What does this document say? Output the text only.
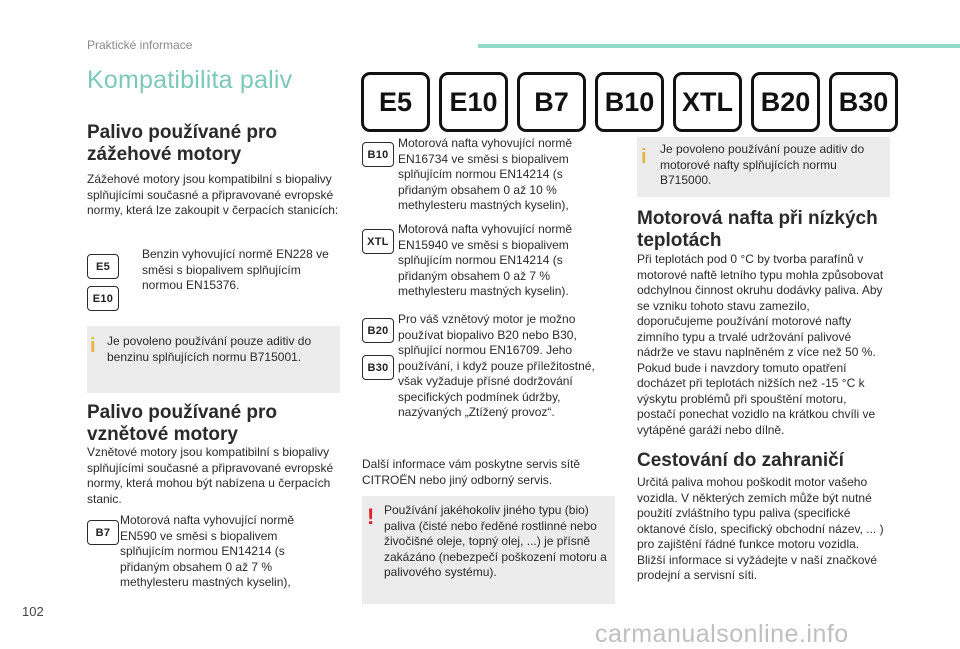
Praktické informace
Kompatibilita paliv
E5	E10	B7	B10	XTL	B20	B30

Palivo používané pro

zážehové motory

Zážehové motory jsou kompatibilní s biopalivy splňujícími současné a připravované evropské normy, která lze zakoupit v čerpacích stanicích:

E5
E10

Benzin vyhovující normě EN228 ve směsi s biopalivem splňujícím normou EN15376.

i Je povoleno používání pouze aditiv do benzinu splňujících normu B715001.

Palivo používané pro

vznětové motory

Vznětové motory jsou kompatibilní s biopalivy splňujícími současné a připravované evropské normy, která mohou být nabízena u čerpacích stanic.

B7

Motorová nafta vyhovující normě EN590 ve směsi s biopalivem splňujícím normou EN14214 (s přidaným obsahem 0 až 7 % methylesteru mastných kyselin),

B10

Motorová nafta vyhovující normě EN16734 ve směsi s biopalivem splňujícím normou EN14214 (s přidaným obsahem 0 až 10 % methylesteru mastných kyselin),

XTL

Motorová nafta vyhovující normě EN15940 ve směsi s biopalivem splňujícím normou EN14214 (s přidaným obsahem 0 až 7 % methylesteru mastných kyselin).

B20
B30

Pro váš vznětový motor je možno používat biopalivo B20 nebo B30, splňující normou EN16709. Jeho používání, i když pouze příležitostné, však vyžaduje přísné dodržování specifických podmínek údržby, nazývaných „Ztížený provoz“.

Další informace vám poskytne servis sítě CITROËN nebo jiný odborný servis.

! Používání jakéhokoliv jiného typu (bio) paliva (čisté nebo ředěné rostlinné nebo živočišné oleje, topný olej, ...) je přísně zakázáno (nebezpečí poškození motoru a palivového systému).

i Je povoleno používání pouze aditiv do motorové nafty splňujících normu B715000.

Motorová nafta při nízkých

teplotách

Při teplotách pod 0 °C by tvorba parafínů v motorové naftě letního typu mohla způsobovat odchylnou činnost okruhu dodávky paliva. Aby se vzniku tohoto stavu zamezilo, doporučujeme používání motorové nafty zimního typu a trvalé udržování palivové nádrže ve stavu naplněném z více než 50 %. Pokud bude i navzdory tomuto opatření docházet při teplotách nižších než -15 °C k výskytu problémů při spouštění motoru, postačí ponechat vozidlo na krátkou chvíli ve vytápěné garáži nebo dílně.

Cestování do zahraničí

Určitá paliva mohou poškodit motor vašeho vozidla. V některých zemích může být nutné použití zvláštního typu paliva (specifické oktanové číslo, specifický obchodní název, ... ) pro zajištění řádné funkce motoru vozidla. Bližší informace si vyžádejte v naší značkové prodejní a servisní síti.

102
carmanualsonline.info
